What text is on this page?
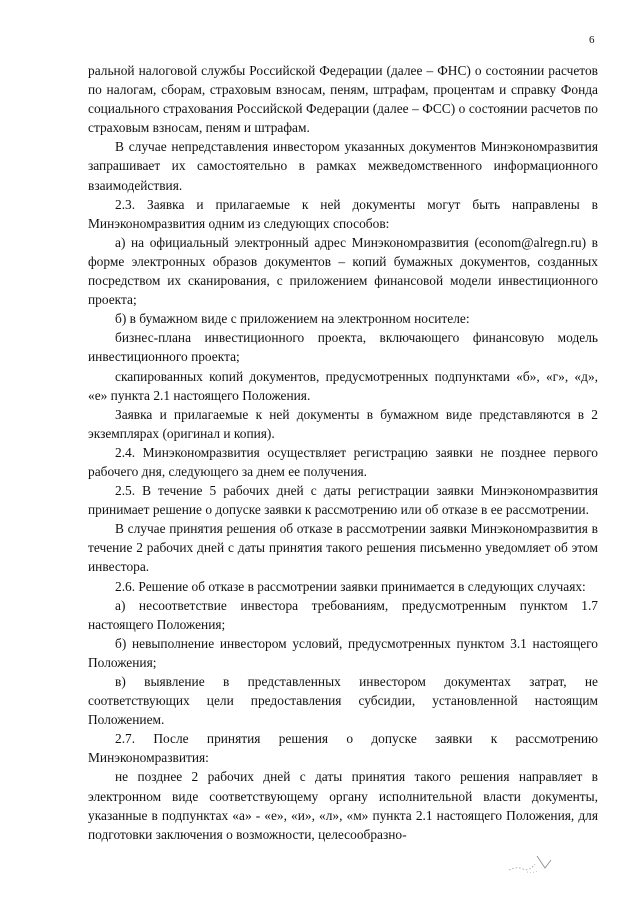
6

ральной налоговой службы Российской Федерации (далее – ФНС) о состоянии расчетов по налогам, сборам, страховым взносам, пеням, штрафам, процентам и справку Фонда социального страхования Российской Федерации (далее – ФСС) о состоянии расчетов по страховым взносам, пеням и штрафам.

В случае непредставления инвестором указанных документов Минэкономразвития запрашивает их самостоятельно в рамках межведомственного информационного взаимодействия.

2.3. Заявка и прилагаемые к ней документы могут быть направлены в Минэкономразвития одним из следующих способов:

а) на официальный электронный адрес Минэкономразвития (econom@alregn.ru) в форме электронных образов документов – копий бумажных документов, созданных посредством их сканирования, с приложением финансовой модели инвестиционного проекта;

б) в бумажном виде с приложением на электронном носителе:

бизнес-плана инвестиционного проекта, включающего финансовую модель инвестиционного проекта;

скапированных копий документов, предусмотренных подпунктами «б», «г», «д», «е» пункта 2.1 настоящего Положения.

Заявка и прилагаемые к ней документы в бумажном виде представляются в 2 экземплярах (оригинал и копия).

2.4. Минэкономразвития осуществляет регистрацию заявки не позднее первого рабочего дня, следующего за днем ее получения.

2.5. В течение 5 рабочих дней с даты регистрации заявки Минэкономразвития принимает решение о допуске заявки к рассмотрению или об отказе в ее рассмотрении.

В случае принятия решения об отказе в рассмотрении заявки Минэкономразвития в течение 2 рабочих дней с даты принятия такого решения письменно уведомляет об этом инвестора.

2.6. Решение об отказе в рассмотрении заявки принимается в следующих случаях:

а) несоответствие инвестора требованиям, предусмотренным пунктом 1.7 настоящего Положения;

б) невыполнение инвестором условий, предусмотренных пунктом 3.1 настоящего Положения;

в) выявление в представленных инвестором документах затрат, не соответствующих цели предоставления субсидии, установленной настоящим Положением.

2.7. После принятия решения о допуске заявки к рассмотрению Минэкономразвития:

не позднее 2 рабочих дней с даты принятия такого решения направляет в электронном виде соответствующему органу исполнительной власти документы, указанные в подпунктах «а» - «е», «и», «л», «м» пункта 2.1 настоящего Положения, для подготовки заключения о возможности, целесообразно-
